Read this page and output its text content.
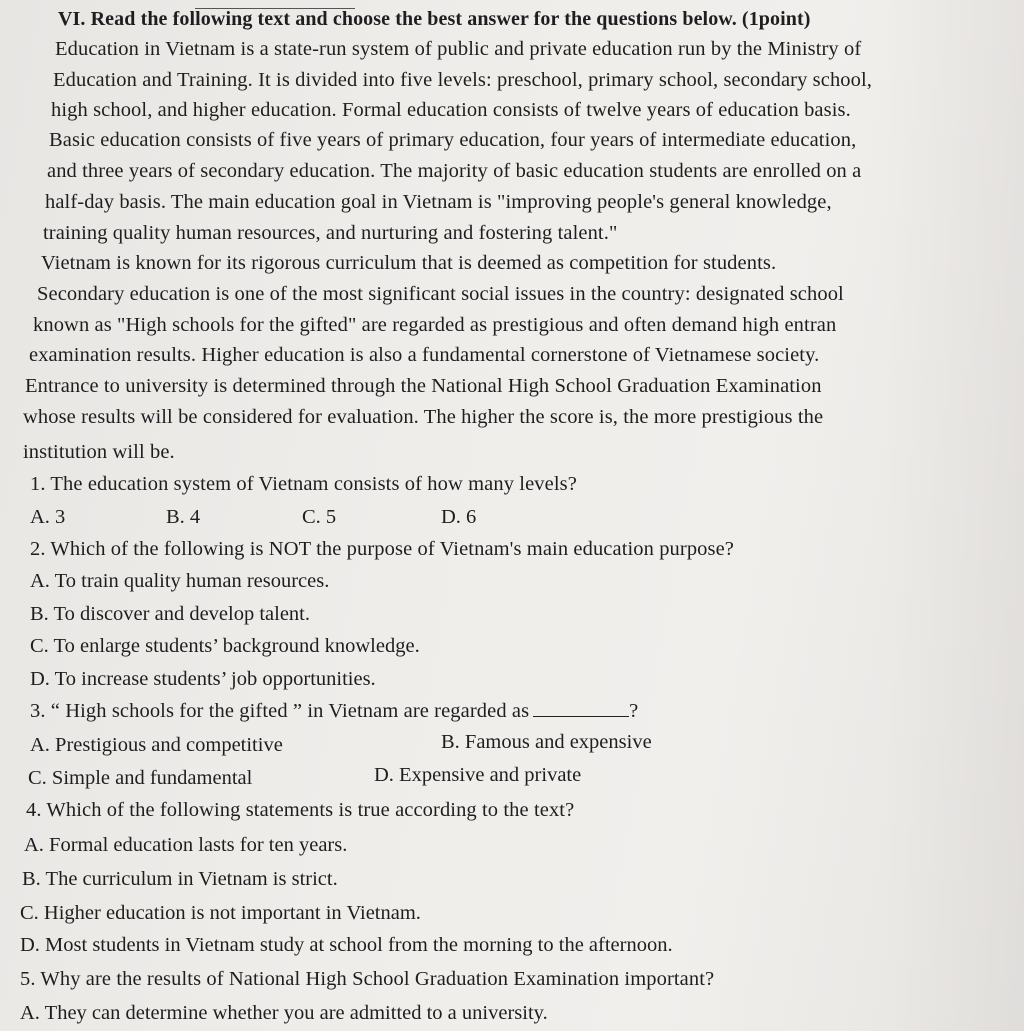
VI. Read the following text and choose the best answer for the questions below. (1point)
Education in Vietnam is a state-run system of public and private education run by the Ministry of
Education and Training. It is divided into five levels: preschool, primary school, secondary school,
high school, and higher education. Formal education consists of twelve years of education basis.
Basic education consists of five years of primary education, four years of intermediate education,
and three years of secondary education. The majority of basic education students are enrolled on a
half-day basis. The main education goal in Vietnam is "improving people's general knowledge,
training quality human resources, and nurturing and fostering talent."
Vietnam is known for its rigorous curriculum that is deemed as competition for students.
Secondary education is one of the most significant social issues in the country: designated school
known as "High schools for the gifted" are regarded as prestigious and often demand high entran
examination results. Higher education is also a fundamental cornerstone of Vietnamese society.
Entrance to university is determined through the National High School Graduation Examination
whose results will be considered for evaluation. The higher the score is, the more prestigious the
institution will be.
1. The education system of Vietnam consists of how many levels?
A. 3	B. 4	C. 5	D. 6
2. Which of the following is NOT the purpose of Vietnam's main education purpose?
A. To train quality human resources.
B. To discover and develop talent.
C. To enlarge students’ background knowledge.
D. To increase students’ job opportunities.
3. “ High schools for the gifted ” in Vietnam are regarded as	?
A. Prestigious and competitive	B. Famous and expensive
C. Simple and fundamental	D. Expensive and private
4. Which of the following statements is true according to the text?
A. Formal education lasts for ten years.
B. The curriculum in Vietnam is strict.
C. Higher education is not important in Vietnam.
D. Most students in Vietnam study at school from the morning to the afternoon.
5. Why are the results of National High School Graduation Examination important?
A. They can determine whether you are admitted to a university.
